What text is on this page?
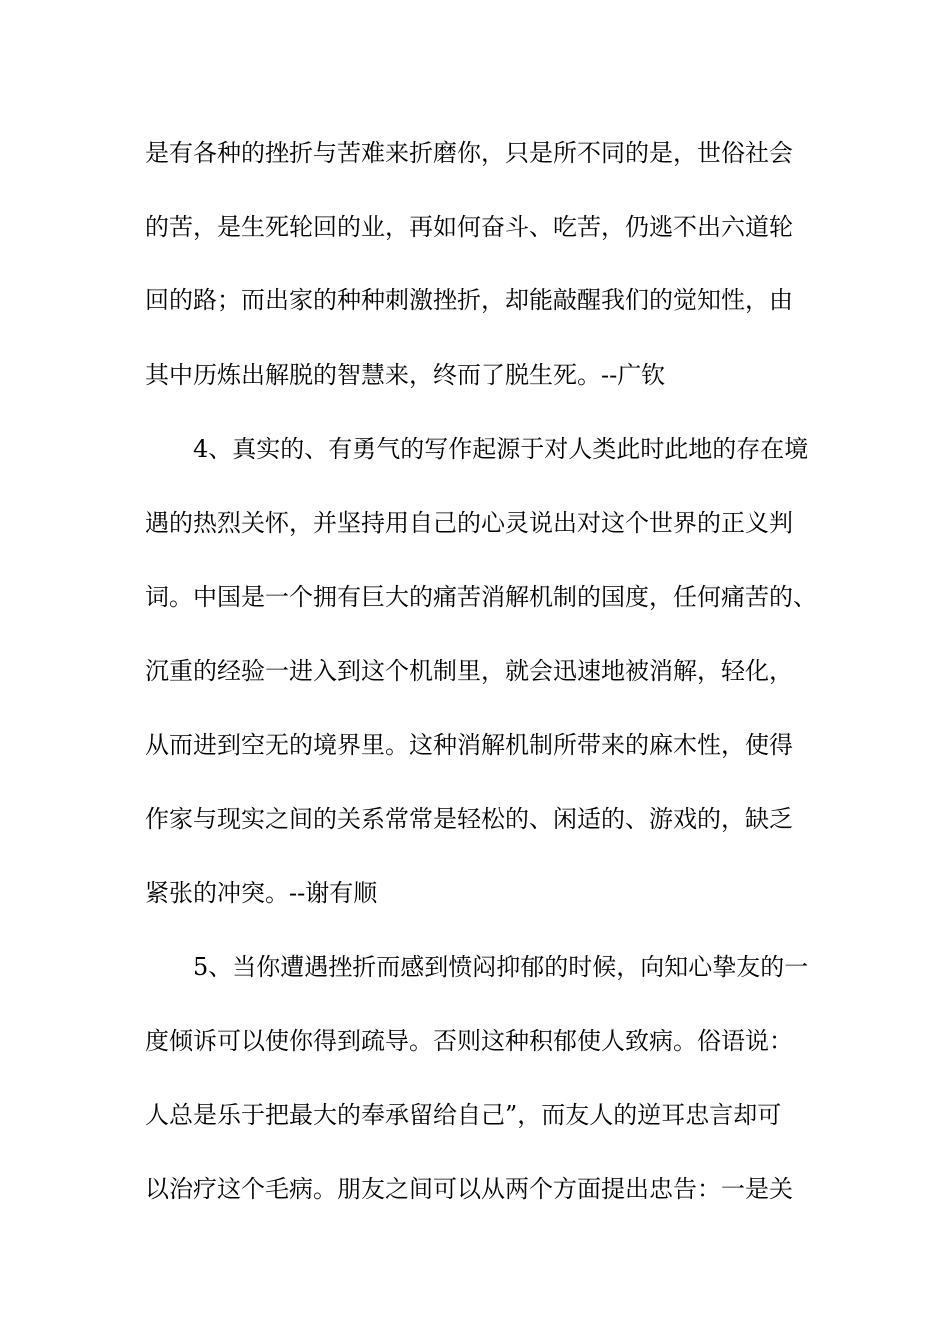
是有各种的挫折与苦难来折磨你，只是所不同的是，世俗社会
的苦，是生死轮回的业，再如何奋斗、吃苦，仍逃不出六道轮
回的路；而出家的种种刺激挫折，却能敲醒我们的觉知性，由
其中历炼出解脱的智慧来，终而了脱生死。--广钦
4、真实的、有勇气的写作起源于对人类此时此地的存在境
遇的热烈关怀，并坚持用自己的心灵说出对这个世界的正义判
词。中国是一个拥有巨大的痛苦消解机制的国度，任何痛苦的、
沉重的经验一进入到这个机制里，就会迅速地被消解，轻化，
从而进到空无的境界里。这种消解机制所带来的麻木性，使得
作家与现实之间的关系常常是轻松的、闲适的、游戏的，缺乏
紧张的冲突。--谢有顺
5、当你遭遇挫折而感到愤闷抑郁的时候，向知心挚友的一
度倾诉可以使你得到疏导。否则这种积郁使人致病。俗语说：
人总是乐于把最大的奉承留给自己”，而友人的逆耳忠言却可
以治疗这个毛病。朋友之间可以从两个方面提出忠告：一是关
